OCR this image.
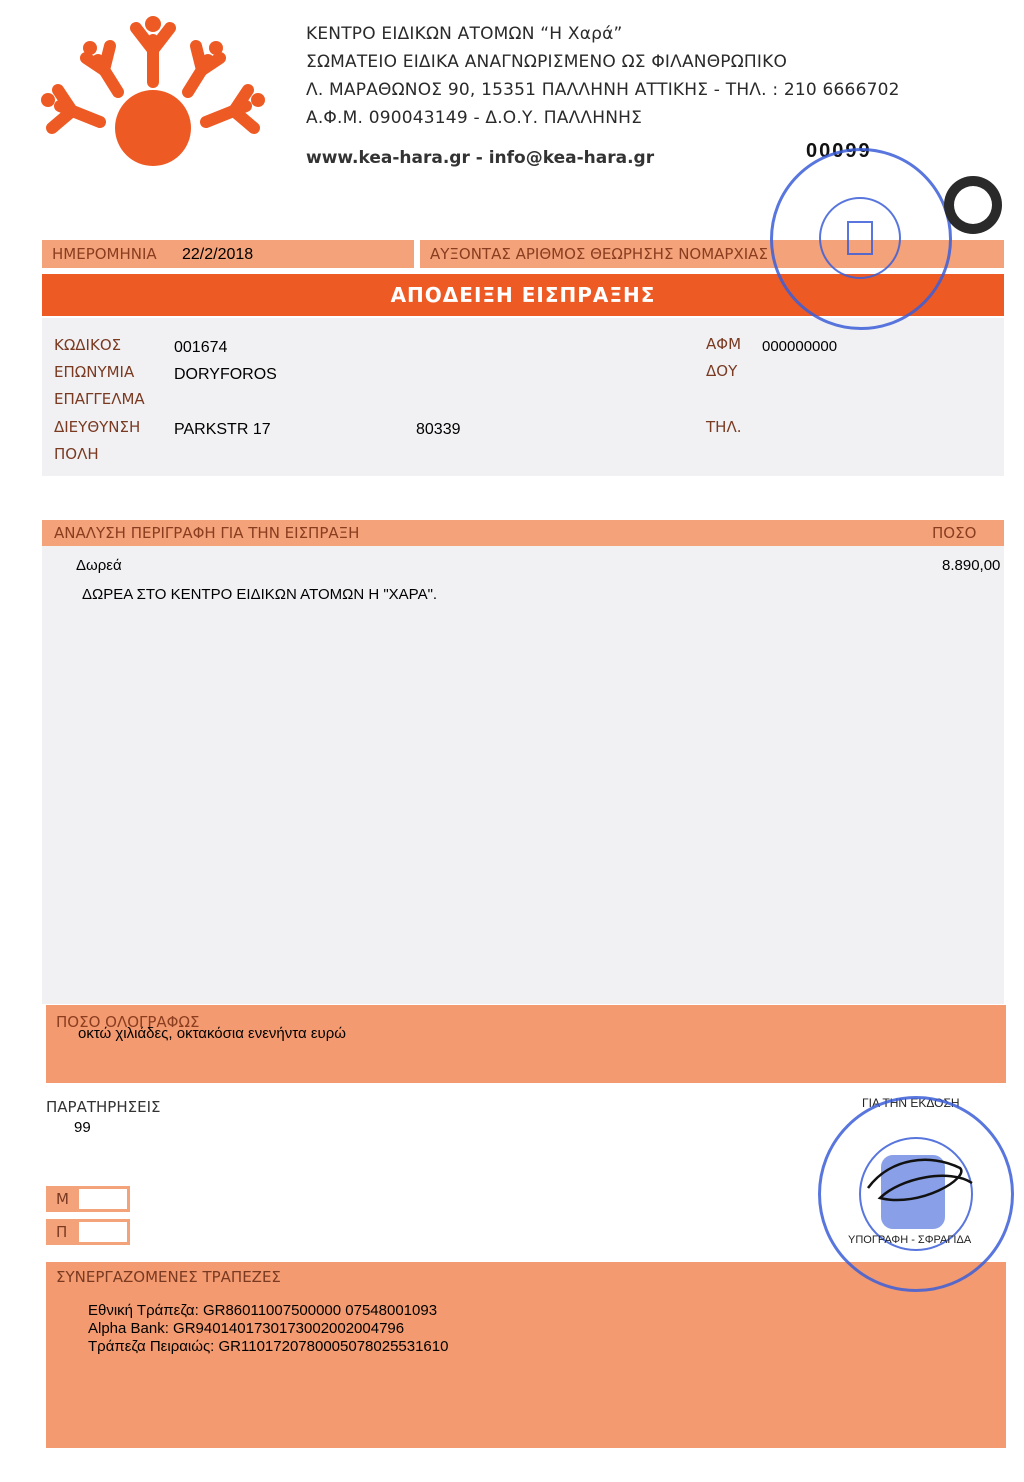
ΚΕΝΤΡΟ ΕΙΔΙΚΩΝ ΑΤΟΜΩΝ “Η Χαρά”
ΣΩΜΑΤΕΙΟ ΕΙΔΙΚΑ ΑΝΑΓΝΩΡΙΣΜΕΝΟ ΩΣ ΦΙΛΑΝΘΡΩΠΙΚΟ
Λ. ΜΑΡΑΘΩΝΟΣ 90, 15351 ΠΑΛΛΗΝΗ ΑΤΤΙΚΗΣ - ΤΗΛ. : 210 6666702
Α.Φ.Μ. 090043149 - Δ.Ο.Υ. ΠΑΛΛΗΝΗΣ
www.kea-hara.gr - info@kea-hara.gr	00099
ΗΜΕΡΟΜΗΝΙΑ 22/2/2018	ΑΥΞΟΝΤΑΣ ΑΡΙΘΜΟΣ ΘΕΩΡΗΣΗΣ ΝΟΜΑΡΧΙΑΣ
ΑΠΟΔΕΙΞΗ ΕΙΣΠΡΑΞΗΣ
ΚΩΔΙΚΟΣ	001674
ΕΠΩΝΥΜΙΑ DORYFOROS
ΕΠΑΓΓΕΛΜΑ
ΔΙΕΥΘΥΝΣΗ PARKSTR 17	80339
ΠΟΛΗ
ΑΦΜ 000000000
ΔΟΥ
ΤΗΛ.
ΑΝΑΛΥΣΗ ΠΕΡΙΓΡΑΦΗ ΓΙΑ ΤΗΝ ΕΙΣΠΡΑΞΗ	ΠΟΣΟ
Δωρεά	8.890,00
ΔΩΡΕΑ ΣΤΟ ΚΕΝΤΡΟ ΕΙΔΙΚΩΝ ΑΤΟΜΩΝ Η "ΧΑΡΑ".
ΠΟΣΟ ΟΛΟΓΡΑΦΩΣ
οκτώ χιλιάδες, οκτακόσια ενενήντα ευρώ
ΠΑΡΑΤΗΡΗΣΕΙΣ
99
Μ
Π
ΣΥΝΕΡΓΑΖΟΜΕΝΕΣ ΤΡΑΠΕΖΕΣ
Εθνική Τράπεζα: GR86011007500000 07548001093
Alpha Bank: GR9401401730173002002004796
Τράπεζα Πειραιώς: GR1101720780005078025531610
ΓΙΑ ΤΗΝ ΕΚΔΟΣΗ
ΥΠΟΓΡΑΦΗ - ΣΦΡΑΓΙΔΑ
